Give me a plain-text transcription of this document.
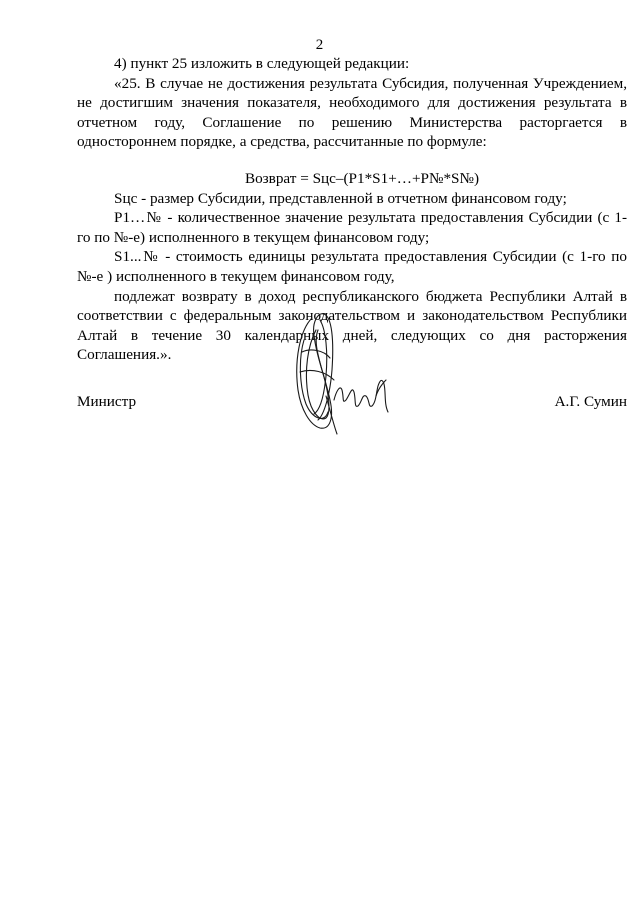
2

4) пункт 25 изложить в следующей редакции:

«25. В случае не достижения результата Субсидия, полученная Учреждением, не достигшим значения показателя, необходимого для достижения результата в отчетном году, Соглашение по решению Министерства расторгается в одностороннем порядке, а средства, рассчитанные по формуле:

Возврат = Sцс–(P1*S1+…+P№*S№)

Sцс - размер Субсидии, представленной в отчетном финансовом году;

P1…№ - количественное значение результата предоставления Субсидии (с 1-го по №-е) исполненного в текущем финансовом году;

S1...№ - стоимость единицы результата предоставления Субсидии (с 1-го по №-е ) исполненного в текущем финансовом году,

подлежат возврату в доход республиканского бюджета Республики Алтай в соответствии с федеральным законодательством и законодательством Республики Алтай в течение 30 календарных дней, следующих со дня расторжения Соглашения.».

Министр	А.Г. Сумин
